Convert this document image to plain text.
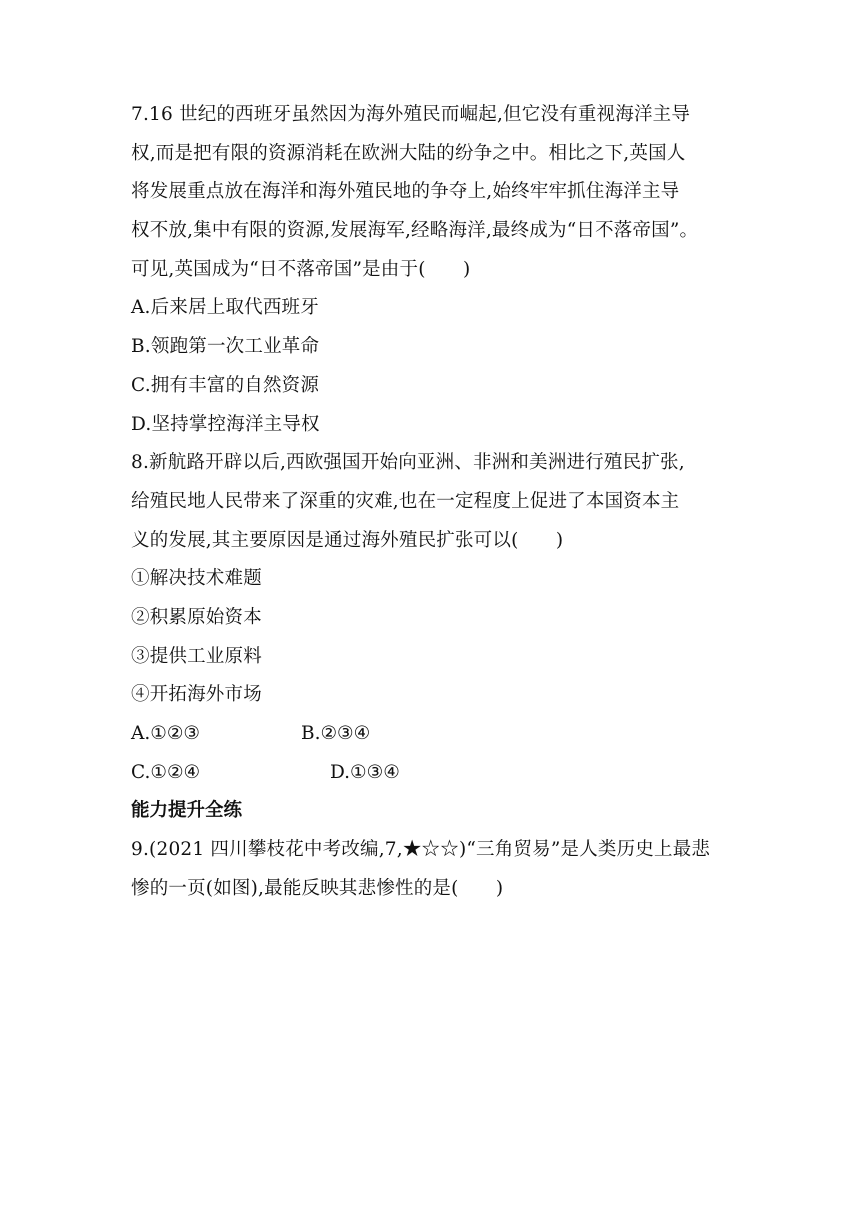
7.16 世纪的西班牙虽然因为海外殖民而崛起,但它没有重视海洋主导
权,而是把有限的资源消耗在欧洲大陆的纷争之中。相比之下,英国人
将发展重点放在海洋和海外殖民地的争夺上,始终牢牢抓住海洋主导
权不放,集中有限的资源,发展海军,经略海洋,最终成为“日不落帝国”。
可见,英国成为“日不落帝国”是由于(　　)
A.后来居上取代西班牙
B.领跑第一次工业革命
C.拥有丰富的自然资源
D.坚持掌控海洋主导权
8.新航路开辟以后,西欧强国开始向亚洲、非洲和美洲进行殖民扩张,
给殖民地人民带来了深重的灾难,也在一定程度上促进了本国资本主
义的发展,其主要原因是通过海外殖民扩张可以(　　)
①解决技术难题
②积累原始资本
③提供工业原料
④开拓海外市场
A.①②③	B.②③④
C.①②④	D.①③④
能力提升全练
9.(2021 四川攀枝花中考改编,7,★☆☆)“三角贸易”是人类历史上最悲
惨的一页(如图),最能反映其悲惨性的是(　　)
